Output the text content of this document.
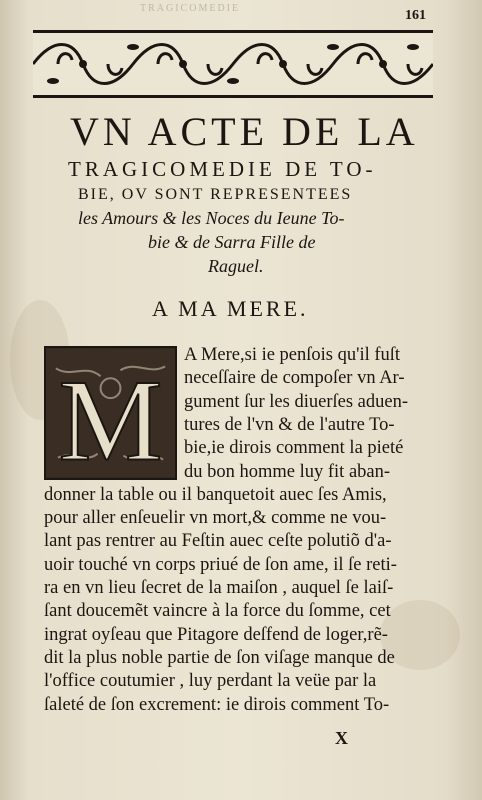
TRAGICOMEDIE	161
VN ACTE DE LA
TRAGICOMEDIE DE TO-
BIE, OV SONT REPRESENTEES
les Amours & les Noces du Ieune To-
bie & de Sarra Fille de
Raguel.
A MA MERE.
M
A Mere,si ie penſois qu'il fuſt
neceſſaire de compoſer vn Ar-
gument ſur les diuerſes aduen-
tures de l'vn & de l'autre To-
bie,ie dirois comment la pieté
du bon homme luy fit aban-
donner la table ou il banquetoit auec ſes Amis,
pour aller enſeuelir vn mort,& comme ne vou-
lant pas rentrer au Feſtin auec ceſte polutiõ d'a-
uoir touché vn corps priué de ſon ame, il ſe reti-
ra en vn lieu ſecret de la maiſon , auquel ſe laiſ-
ſant doucemẽt vaincre à la force du ſomme, cet
ingrat oyſeau que Pitagore deſfend de loger,rẽ-
dit la plus noble partie de ſon viſage manque de
l'office coutumier , luy perdant la veüe par la
ſaleté de ſon excrement: ie dirois comment To-
X
